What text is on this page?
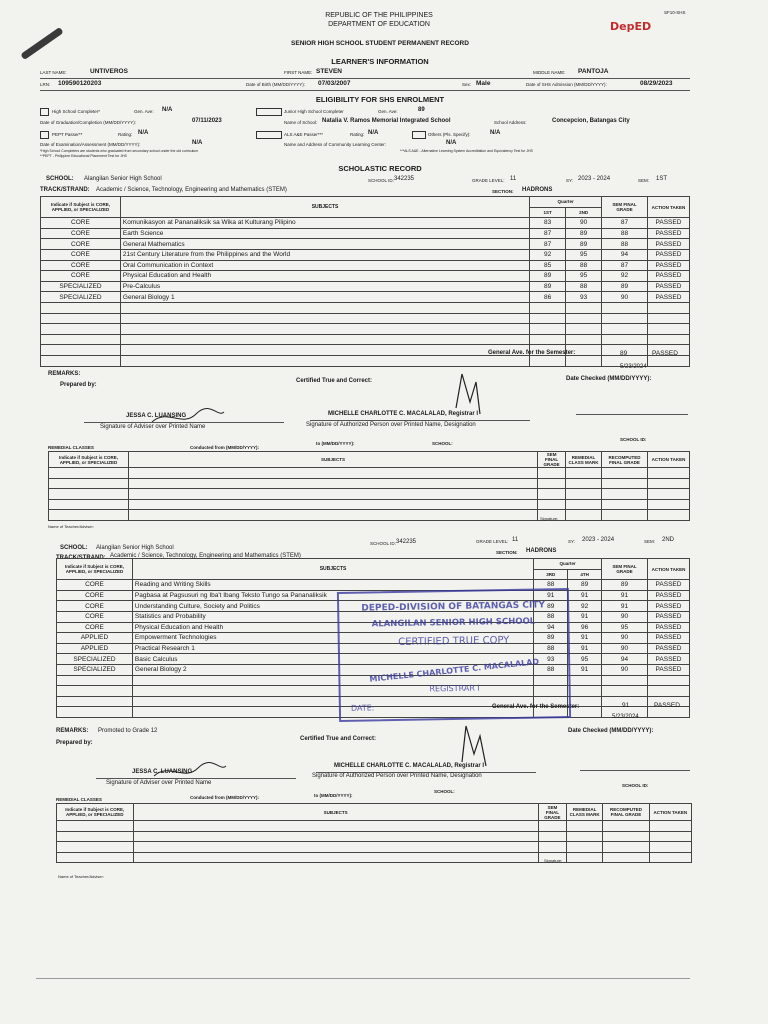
SF10-SHS
REPUBLIC OF THE PHILIPPINES
DEPARTMENT OF EDUCATION	DepED
SENIOR HIGH SCHOOL STUDENT PERMANENT RECORD
LEARNER'S INFORMATION
LAST NAME:	UNTIVEROS	FIRST NAME: STEVEN	MIDDLE NAME: PANTOJA
LRN: 109590120203	Date of Birth (MM/DD/YYYY): 07/03/2007	Sex: Male	Date of SHS Admission (MM/DD/YYYY):	08/29/2023
ELIGIBILITY FOR SHS ENROLMENT
High School Completer*	Gen. Ave: N/A	Junior High School Completer	Gen. Ave:	89
Date of Graduation/Completion (MM/DD/YYYY):	07/11/2023	Name of School: Natalia V. Ramos Memorial Integrated School	School Address:	Concepcion, Batangas City
PEPT Passer**	Rating: N/A	ALS A&E Passer***	Rating: N/A	Others (Pls. Specify):	N/A
Date of Examination/Assessment (MM/DD/YYYY):	N/A	Name and Address of Community Learning Center:	N/A
*High School Completers are students who graduated from secondary school under the old curriculum
**PEPT - Philippine Educational Placement Test for JHS
***ALS A&E - Alternative Learning System Accreditation and Equivalency Test for JHS
SCHOLASTIC RECORD
SCHOOL: Alangilan Senior High School	SCHOOL ID: 342235	GRADE LEVEL: 11	SY: 2023 - 2024	SEM: 1ST
TRACK/STRAND: Academic / Science, Technology, Engineering and Mathematics (STEM)	SECTION: HADRONS
Indicate if Subject is CORE, APPLIED, or SPECIALIZED	SUBJECTS	Quarter		SEM FINAL GRADE	ACTION TAKEN
		1ST	2ND		
CORE	Komunikasyon at Pananaliksik sa Wika at Kulturang Pilipino	83	90	87	PASSED
CORE	Earth Science	87	89	88	PASSED
CORE	General Mathematics	87	89	88	PASSED
CORE	21st Century Literature from the Philippines and the World	92	95	94	PASSED
CORE	Oral Communication in Context	85	88	87	PASSED
CORE	Physical Education and Health	89	95	92	PASSED
SPECIALIZED	Pre-Calculus	89	88	89	PASSED
SPECIALIZED	General Biology 1	86	93	90	PASSED

General Ave. for the Semester:	89	PASSED
REMARKS:
5/23/2024
Prepared by:
Certified True and Correct:	Date Checked (MM/DD/YYYY):
JESSA C. LUANSING
Signature of Adviser over Printed Name
MICHELLE CHARLOTTE C. MACALALAD, Registrar I
Signature of Authorized Person over Printed Name, Designation
REMEDIAL CLASSES	Conducted from (MM/DD/YYYY):
to (MM/DD/YYYY):	SCHOOL:
SCHOOL ID:
Indicate if Subject is CORE, APPLIED, or SPECIALIZED	SUBJECTS	SEM FINAL GRADE	REMEDIAL CLASS MARK	RECOMPUTED FINAL GRADE	ACTION TAKEN

Name of Teacher/Adviser:
Signature:
SCHOOL: Alangilan Senior High School
SCHOOL ID: 342235	GRADE LEVEL: 11	SY: 2023 - 2024	SEM: 2ND
TRACK/STRAND: Academic / Science, Technology, Engineering and Mathematics (STEM)
SECTION: HADRONS
Indicate if Subject is CORE, APPLIED, or SPECIALIZED	SUBJECTS	Quarter		SEM FINAL GRADE	ACTION TAKEN
		3RD	4TH		
CORE	Reading and Writing Skills	88	89	89	PASSED
CORE	Pagbasa at Pagsusuri ng Iba't Ibang Teksto Tungo sa Pananaliksik	91	91	91	PASSED
CORE	Understanding Culture, Society and Politics	89	92	91	PASSED
CORE	Statistics and Probability	88	91	90	PASSED
CORE	Physical Education and Health	94	96	95	PASSED
APPLIED	Empowerment Technologies	89	91	90	PASSED
APPLIED	Practical Research 1	88	91	90	PASSED
SPECIALIZED	Basic Calculus	93	95	94	PASSED
SPECIALIZED	General Biology 2	88	91	90	PASSED

General Ave. for the Semester:	91	PASSED
REMARKS: Promoted to Grade 12
5/23/2024
Prepared by:
Certified True and Correct:
Date Checked (MM/DD/YYYY):
JESSA C. LUANSING
Signature of Adviser over Printed Name
MICHELLE CHARLOTTE C. MACALALAD, Registrar I
Signature of Authorized Person over Printed Name, Designation
REMEDIAL CLASSES	Conducted from (MM/DD/YYYY):	to (MM/DD/YYYY):
SCHOOL:
SCHOOL ID:
Indicate if Subject is CORE, APPLIED, or SPECIALIZED	SUBJECTS	SEM FINAL GRADE	REMEDIAL CLASS MARK	RECOMPUTED FINAL GRADE	ACTION TAKEN

Name of Teacher/Adviser:
Signature:
DEPED-DIVISION OF BATANGAS CITY
ALANGILAN SENIOR HIGH SCHOOL
CERTIFIED TRUE COPY
MICHELLE CHARLOTTE C. MACALALAD
REGISTRAR I
DATE:
